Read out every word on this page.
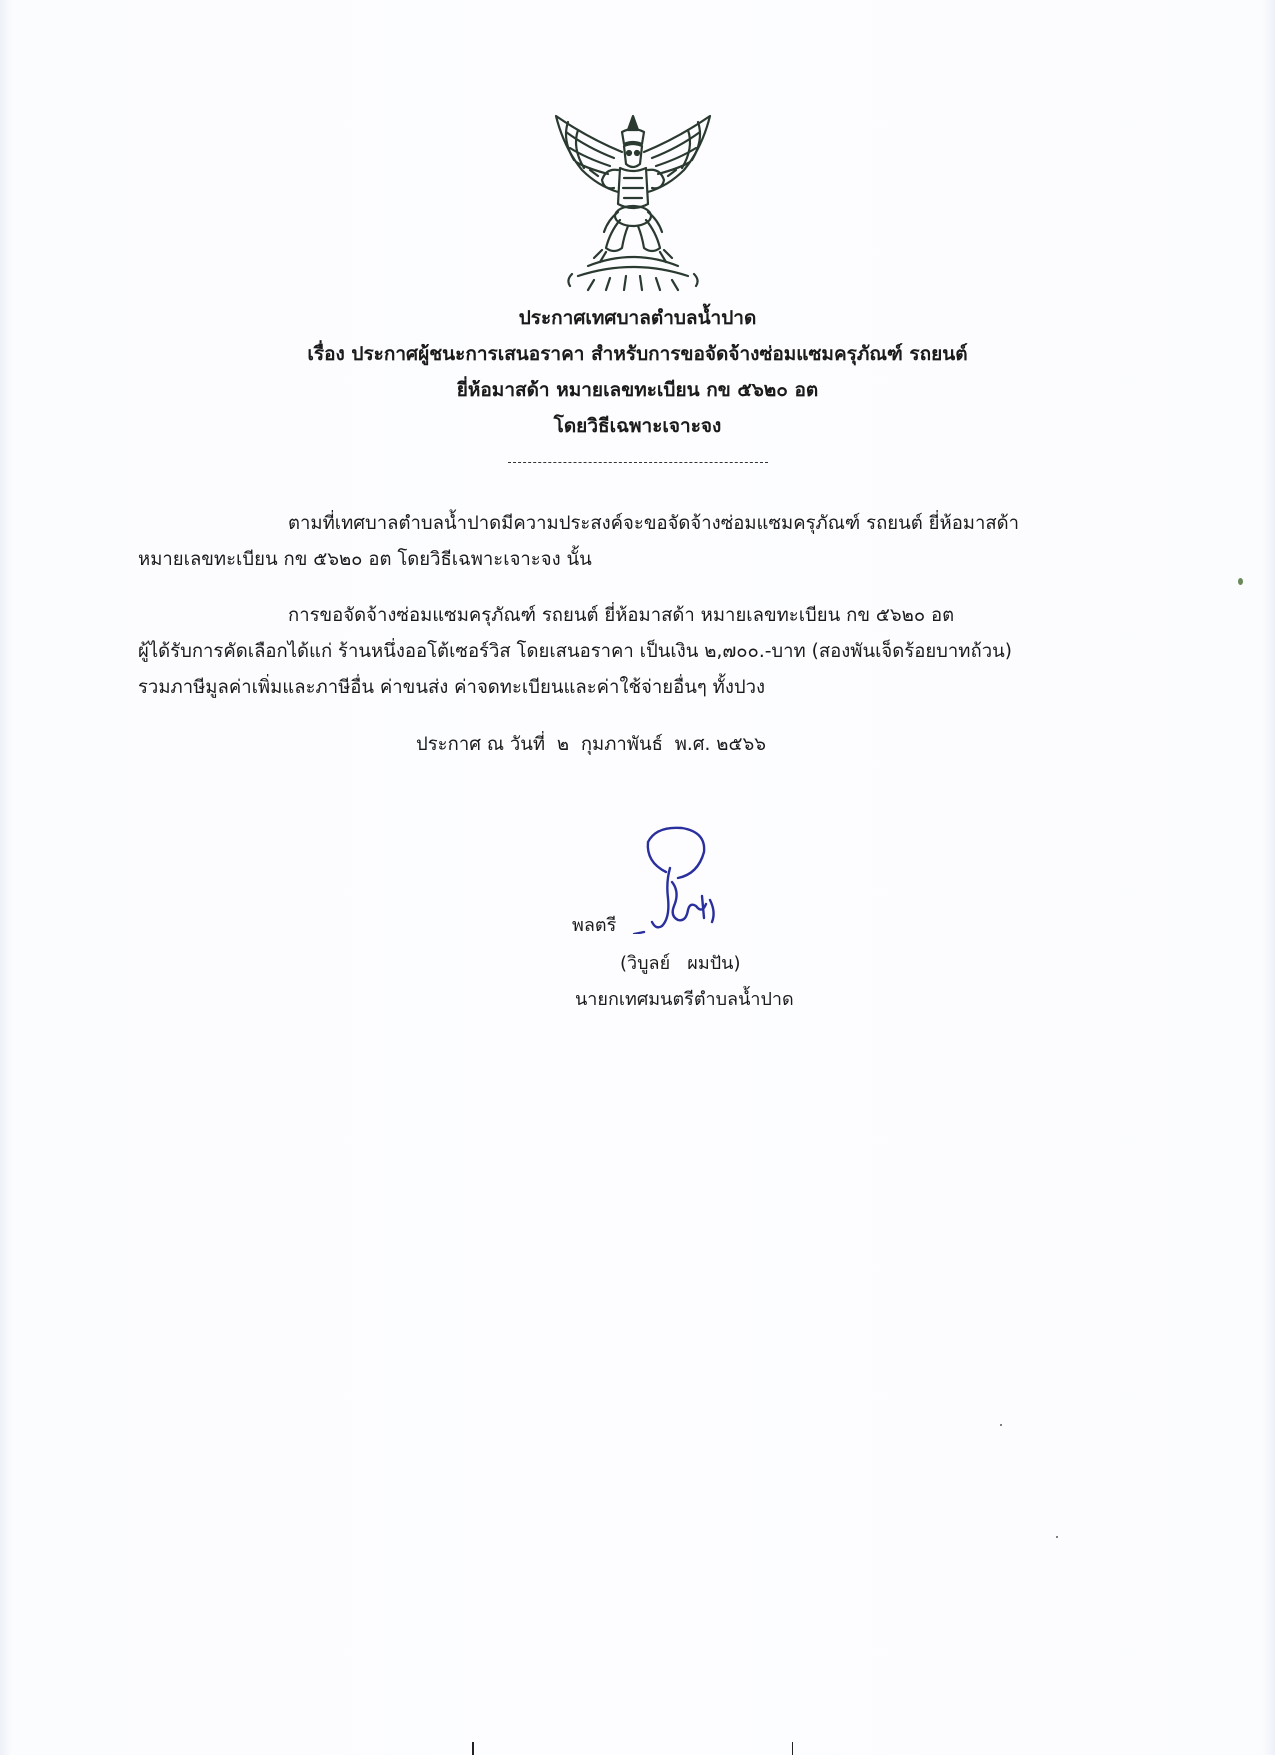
ประกาศเทศบาลตำบลน้ำปาด
เรื่อง ประกาศผู้ชนะการเสนอราคา สำหรับการขอจัดจ้างซ่อมแซมครุภัณฑ์ รถยนต์
ยี่ห้อมาสด้า หมายเลขทะเบียน กข ๕๖๒๐ อต
โดยวิธีเฉพาะเจาะจง
ตามที่เทศบาลตำบลน้ำปาดมีความประสงค์จะขอจัดจ้างซ่อมแซมครุภัณฑ์ รถยนต์ ยี่ห้อมาสด้า
หมายเลขทะเบียน กข ๕๖๒๐ อต โดยวิธีเฉพาะเจาะจง นั้น
การขอจัดจ้างซ่อมแซมครุภัณฑ์ รถยนต์ ยี่ห้อมาสด้า หมายเลขทะเบียน กข ๕๖๒๐ อต
ผู้ได้รับการคัดเลือกได้แก่ ร้านหนึ่งออโต้เซอร์วิส โดยเสนอราคา เป็นเงิน ๒,๗๐๐.-บาท (สองพันเจ็ดร้อยบาทถ้วน)
รวมภาษีมูลค่าเพิ่มและภาษีอื่น ค่าขนส่ง ค่าจดทะเบียนและค่าใช้จ่ายอื่นๆ ทั้งปวง
ประกาศ ณ วันที่  ๒  กุมภาพันธ์  พ.ศ. ๒๕๖๖
พลตรี
(วิบูลย์   ผมปัน)
นายกเทศมนตรีตำบลน้ำปาด
